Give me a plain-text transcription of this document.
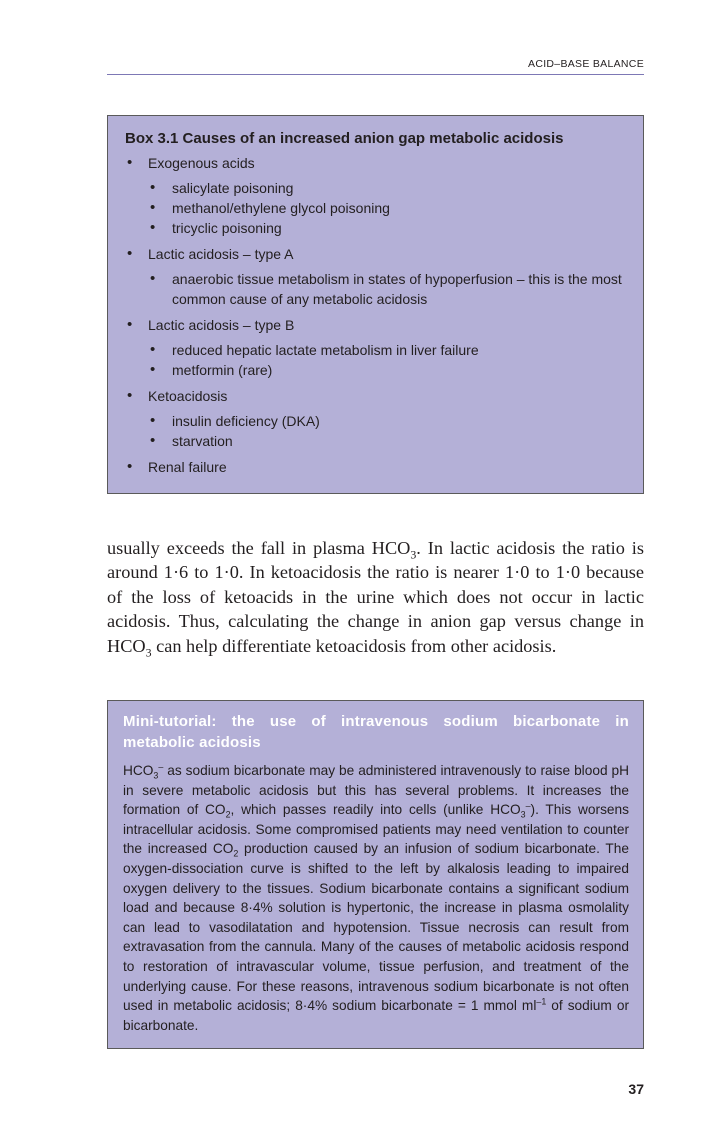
ACID–BASE BALANCE
Box 3.1 Causes of an increased anion gap metabolic acidosis
• Exogenous acids
• salicylate poisoning
• methanol/ethylene glycol poisoning
• tricyclic poisoning
• Lactic acidosis – type A
• anaerobic tissue metabolism in states of hypoperfusion – this is the most common cause of any metabolic acidosis
• Lactic acidosis – type B
• reduced hepatic lactate metabolism in liver failure
• metformin (rare)
• Ketoacidosis
• insulin deficiency (DKA)
• starvation
• Renal failure
usually exceeds the fall in plasma $HCO_3$. In lactic acidosis the ratio is around 1·6 to 1·0. In ketoacidosis the ratio is nearer 1·0 to 1·0 because of the loss of ketoacids in the urine which does not occur in lactic acidosis. Thus, calculating the change in anion gap versus change in $HCO_3$ can help differentiate ketoacidosis from other acidosis.
Mini-tutorial: the use of intravenous sodium bicarbonate in metabolic acidosis
$HCO_3^-$ as sodium bicarbonate may be administered intravenously to raise blood pH in severe metabolic acidosis but this has several problems. It increases the formation of $CO_2$, which passes readily into cells (unlike $HCO_3^-$). This worsens intracellular acidosis. Some compromised patients may need ventilation to counter the increased $CO_2$ production caused by an infusion of sodium bicarbonate. The oxygen-dissociation curve is shifted to the left by alkalosis leading to impaired oxygen delivery to the tissues. Sodium bicarbonate contains a significant sodium load and because 8·4% solution is hypertonic, the increase in plasma osmolality can lead to vasodilatation and hypotension. Tissue necrosis can result from extravasation from the cannula. Many of the causes of metabolic acidosis respond to restoration of intravascular volume, tissue perfusion, and treatment of the underlying cause. For these reasons, intravenous sodium bicarbonate is not often used in metabolic acidosis; 8·4% sodium bicarbonate = 1 mmol $ml^{-1}$ of sodium or bicarbonate.
37
